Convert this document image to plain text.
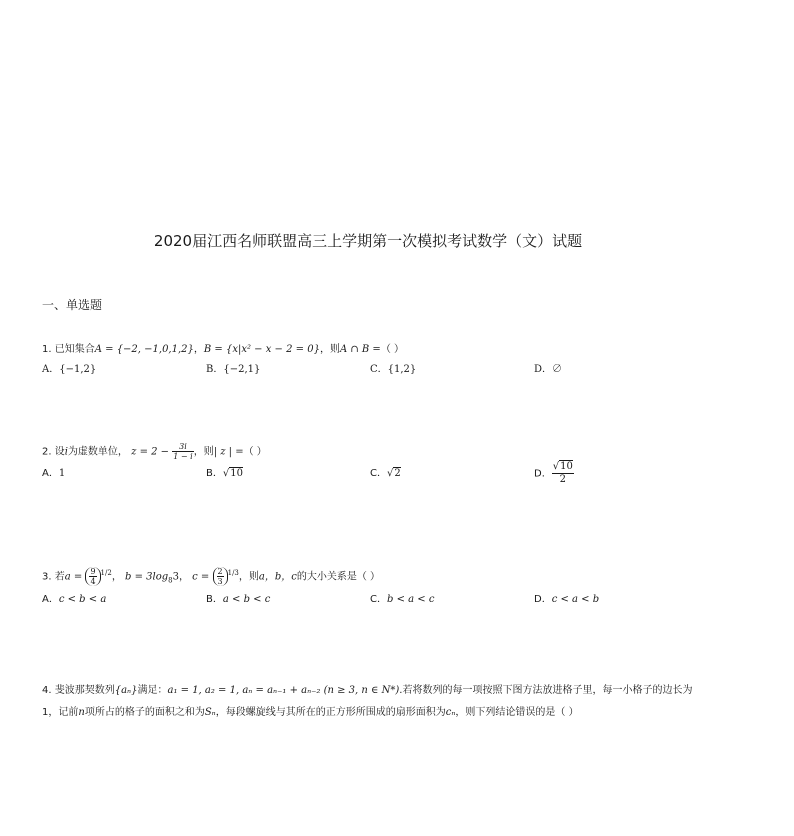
2020届江西名师联盟高三上学期第一次模拟考试数学（文）试题
一、单选题
1. 已知集合A = {−2, −1,0,1,2}，B = {x|x² − x − 2 = 0}，则A ∩ B =（ ）
A．{−1,2}	B．{−2,1}	C．{1,2}	D．∅
2. 设i为虚数单位， $z = 2 - \frac{3i}{1 - i}$ ，则| z | =（ ）
A．1	B．√10	C．√2	D． $\frac{√10}{2}$
3. 若$a = \frac{9}{4} ^{1/2}$， $b = 3\log_83$， $c = \frac{2}{3} ^{1/3}$，则a，b，c的大小关系是（ ）
A．c < b < a	B．a < b < c	C．b < a < c	D．c < a < b
4. 斐波那契数列{aₙ}满足：a₁ = 1, a₂ = 1, aₙ = aₙ₋₁ + aₙ₋₂ (n ≥ 3, n ∈ N*).若将数列的每一项按照下图方法放进格子里，每一小格子的边长为
1，记前n项所占的格子的面积之和为Sₙ，每段螺旋线与其所在的正方形所围成的扇形面积为cₙ，则下列结论错误的是（ ）
